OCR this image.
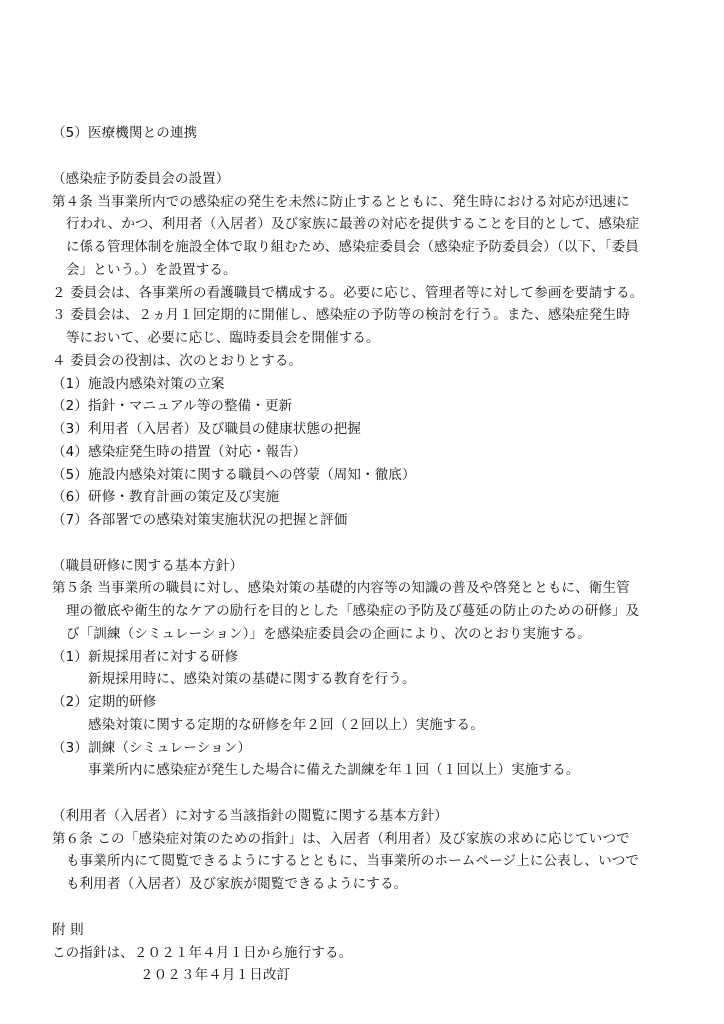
（5）医療機関との連携
（感染症予防委員会の設置）
第４条 当事業所内での感染症の発生を未然に防止するとともに、発生時における対応が迅速に
行われ、かつ、利用者（入居者）及び家族に最善の対応を提供することを目的として、感染症
に係る管理体制を施設全体で取り組むため、感染症委員会（感染症予防委員会）（以下、「委員
会」という。）を設置する。
２ 委員会は、各事業所の看護職員で構成する。必要に応じ、管理者等に対して参画を要請する。
３ 委員会は、２ヵ月１回定期的に開催し、感染症の予防等の検討を行う。また、感染症発生時
等において、必要に応じ、臨時委員会を開催する。
４ 委員会の役割は、次のとおりとする。
（1）施設内感染対策の立案
（2）指針・マニュアル等の整備・更新
（3）利用者（入居者）及び職員の健康状態の把握
（4）感染症発生時の措置（対応・報告）
（5）施設内感染対策に関する職員への啓蒙（周知・徹底）
（6）研修・教育計画の策定及び実施
（7）各部署での感染対策実施状況の把握と評価
（職員研修に関する基本方針）
第５条 当事業所の職員に対し、感染対策の基礎的内容等の知識の普及や啓発とともに、衛生管
理の徹底や衛生的なケアの励行を目的とした「感染症の予防及び蔓延の防止のための研修」及
び「訓練（シミュレーション）」を感染症委員会の企画により、次のとおり実施する。
（1）新規採用者に対する研修
新規採用時に、感染対策の基礎に関する教育を行う。
（2）定期的研修
感染対策に関する定期的な研修を年２回（２回以上）実施する。
（3）訓練（シミュレーション）
事業所内に感染症が発生した場合に備えた訓練を年１回（１回以上）実施する。
（利用者（入居者）に対する当該指針の閲覧に関する基本方針）
第６条 この「感染症対策のための指針」は、入居者（利用者）及び家族の求めに応じていつで
も事業所内にて閲覧できるようにするとともに、当事業所のホームページ上に公表し、いつで
も利用者（入居者）及び家族が閲覧できるようにする。
附 則
この指針は、２０２１年４月１日から施行する。
２０２３年４月１日改訂
